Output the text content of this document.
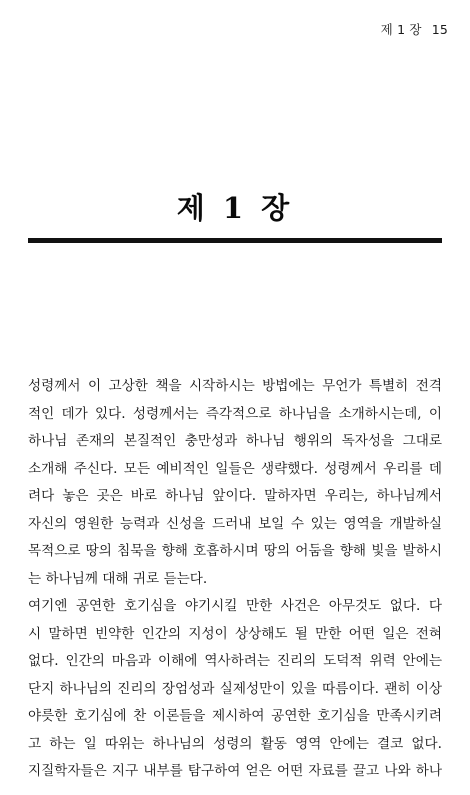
제 1 장 15
제 1 장
성령께서 이 고상한 책을 시작하시는 방법에는 무언가 특별히 전격
적인 데가 있다. 성령께서는 즉각적으로 하나님을 소개하시는데, 이
하나님 존재의 본질적인 충만성과 하나님 행위의 독자성을 그대로
소개해 주신다. 모든 예비적인 일들은 생략했다. 성령께서 우리를 데
려다 놓은 곳은 바로 하나님 앞이다. 말하자면 우리는, 하나님께서
자신의 영원한 능력과 신성을 드러내 보일 수 있는 영역을 개발하실
목적으로 땅의 침묵을 향해 호흡하시며 땅의 어둠을 향해 빛을 발하시
는 하나님께 대해 귀로 듣는다.
여기엔 공연한 호기심을 야기시킬 만한 사건은 아무것도 없다. 다
시 말하면 빈약한 인간의 지성이 상상해도 될 만한 어떤 일은 전혀
없다. 인간의 마음과 이해에 역사하려는 진리의 도덕적 위력 안에는
단지 하나님의 진리의 장엄성과 실제성만이 있을 따름이다. 괜히 이상
야릇한 호기심에 찬 이론들을 제시하여 공연한 호기심을 만족시키려
고 하는 일 따위는 하나님의 성령의 활동 영역 안에는 결코 없다.
지질학자들은 지구 내부를 탐구하여 얻은 어떤 자료를 끌고 나와 하나
